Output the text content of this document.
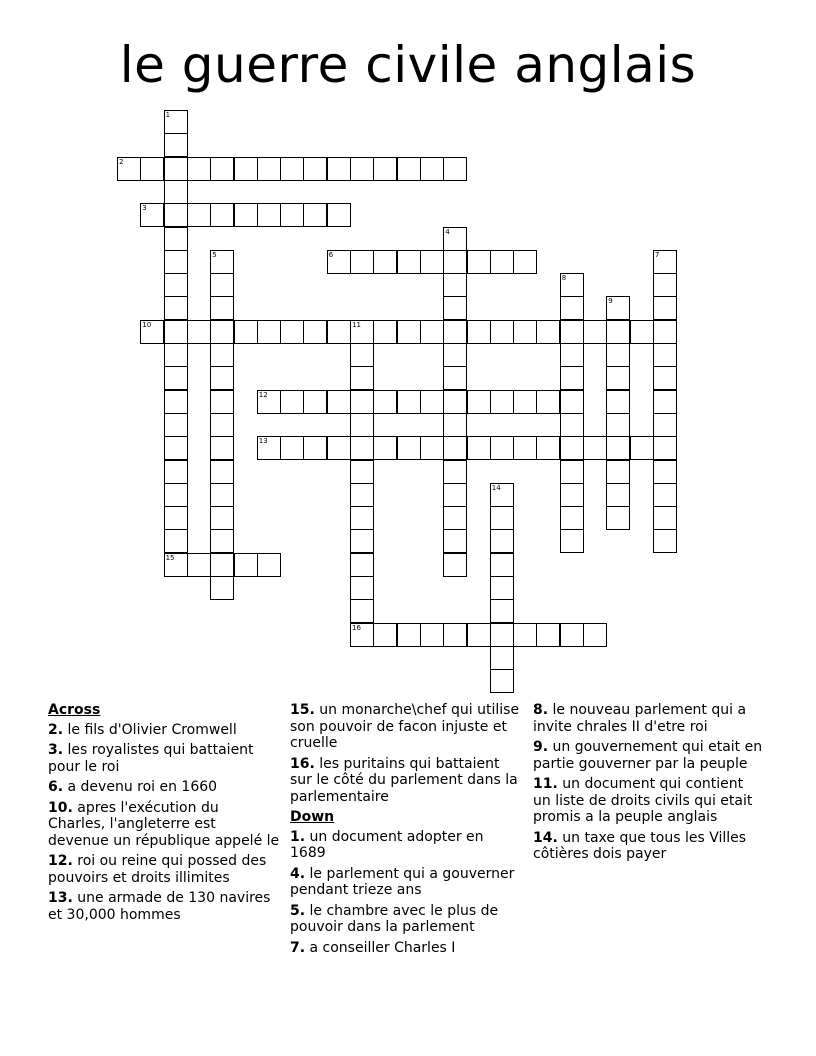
le guerre civile anglais
1
15
2
3
4
5	6	7
8
9
10	11
16
12
13
14
Across
2. le fils d'Olivier Cromwell
3. les royalistes qui battaient pour le roi
6. a devenu roi en 1660
10. apres l'exécution du Charles, l'angleterre est devenue un république appelé le
12. roi ou reine qui possed des pouvoirs et droits illimites
13. une armade de 130 navires et 30,000 hommes
15. un monarche\chef qui utilise son pouvoir de facon injuste et cruelle
16. les puritains qui battaient sur le côté du parlement dans la parlementaire
Down
1. un document adopter en 1689
4. le parlement qui a gouverner pendant trieze ans
5. le chambre avec le plus de pouvoir dans la parlement
7. a conseiller Charles I
8. le nouveau parlement qui a invite chrales II d'etre roi
9. un gouvernement qui etait en partie gouverner par la peuple
11. un document qui contient un liste de droits civils qui etait promis a la peuple anglais
14. un taxe que tous les Villes côtières dois payer
